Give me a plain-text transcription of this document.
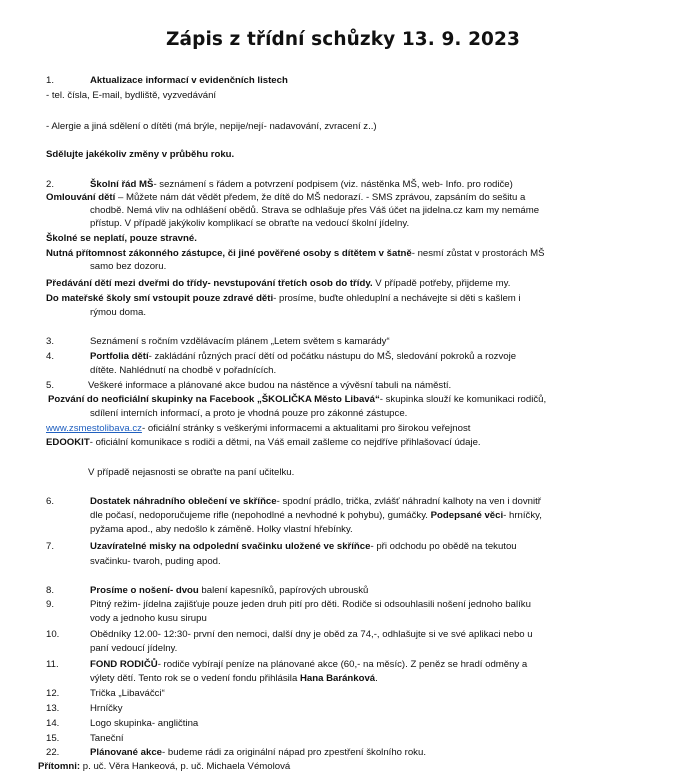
Zápis z třídní schůzky 13. 9. 2023
1.	Aktualizace informací v evidenčních listech
- tel. čísla, E-mail, bydliště, vyzvedávání
- Alergie a jiná sdělení o dítěti (má brýle, nepije/nejí- nadavování, zvracení z..)
Sdělujte jakékoliv změny v průběhu roku.
2.	Školní řád MŠ- seznámení s řádem a potvrzení podpisem (viz. nástěnka MŠ, web- Info. pro rodiče)
Omlouvání dětí – Můžete nám dát vědět předem, že dítě do MŠ nedorazí. - SMS zprávou, zapsáním do sešitu a
chodbě. Nemá vliv na odhlášení obědů. Strava se odhlašuje přes Váš účet na jidelna.cz kam my nemáme
přístup. V případě jakýkoliv komplikací se obraťte na vedoucí školní jídelny.
Školné se neplatí, pouze stravné.
Nutná přítomnost zákonného zástupce, či jiné pověřené osoby s dítětem v šatně- nesmí zůstat v prostorách MŠ
samo bez dozoru.
Předávání dětí mezi dveřmi do třídy- nevstupování třetích osob do třídy. V případě potřeby, přijdeme my.
Do mateřské školy smí vstoupit pouze zdravé děti- prosíme, buďte ohleduplní a nechávejte si děti s kašlem i
rýmou doma.
3.	Seznámení s ročním vzdělávacím plánem „Letem světem s kamarády“
4.	Portfolia dětí- zakládání různých prací dětí od počátku nástupu do MŠ, sledování pokroků a rozvoje
dítěte. Nahlédnutí na chodbě v pořadnících.
5.	Veškeré informace a plánované akce budou na nástěnce a vývěsní tabuli na náměstí.
Pozvání do neoficiální skupinky na Facebook „ŠKOLIČKA Město Libavá“- skupinka slouží ke komunikaci rodičů,
sdílení interních informací, a proto je vhodná pouze pro zákonné zástupce.
www.zsmestolibava.cz- oficiální stránky s veškerými informacemi a aktualitami pro širokou veřejnost
EDOOKIT- oficiální komunikace s rodiči a dětmi, na Váš email zašleme co nejdříve přihlašovací údaje.
V případě nejasnosti se obraťte na paní učitelku.
6.	Dostatek náhradního oblečení ve skříňce- spodní prádlo, trička, zvlášť náhradní kalhoty na ven i dovnitř
dle počasí, nedoporučujeme rifle (nepohodlné a nevhodné k pohybu), gumáčky. Podepsané věci- hrníčky,
pyžama apod., aby nedošlo k záměně. Holky vlastní hřebínky.
7.	Uzavíratelné misky na odpolední svačinku uložené ve skříňce- při odchodu po obědě na tekutou
svačinku- tvaroh, puding apod.
8.	Prosíme o nošení- dvou balení kapesníků, papírových ubrousků
9.	Pitný režim- jídelna zajišťuje pouze jeden druh pití pro děti. Rodiče si odsouhlasili nošení jednoho balíku
vody a jednoho kusu sirupu
10.	Obědníky 12.00- 12:30- první den nemoci, další dny je oběd za 74,-, odhlašujte si ve své aplikaci nebo u
paní vedoucí jídelny.
11.	FOND RODIČŮ- rodiče vybírají peníze na plánované akce (60,- na měsíc). Z peněz se hradí odměny a
výlety dětí. Tento rok se o vedení fondu přihlásila Hana Baránková.
12.	Trička „Libaváčci“
13.	Hrníčky
14.	Logo skupinka- angličtina
15.	Taneční
22.	Plánované akce- budeme rádi za originální nápad pro zpestření školního roku.
Přítomni: p. uč. Věra Hankeová, p. uč. Michaela Vémolová
